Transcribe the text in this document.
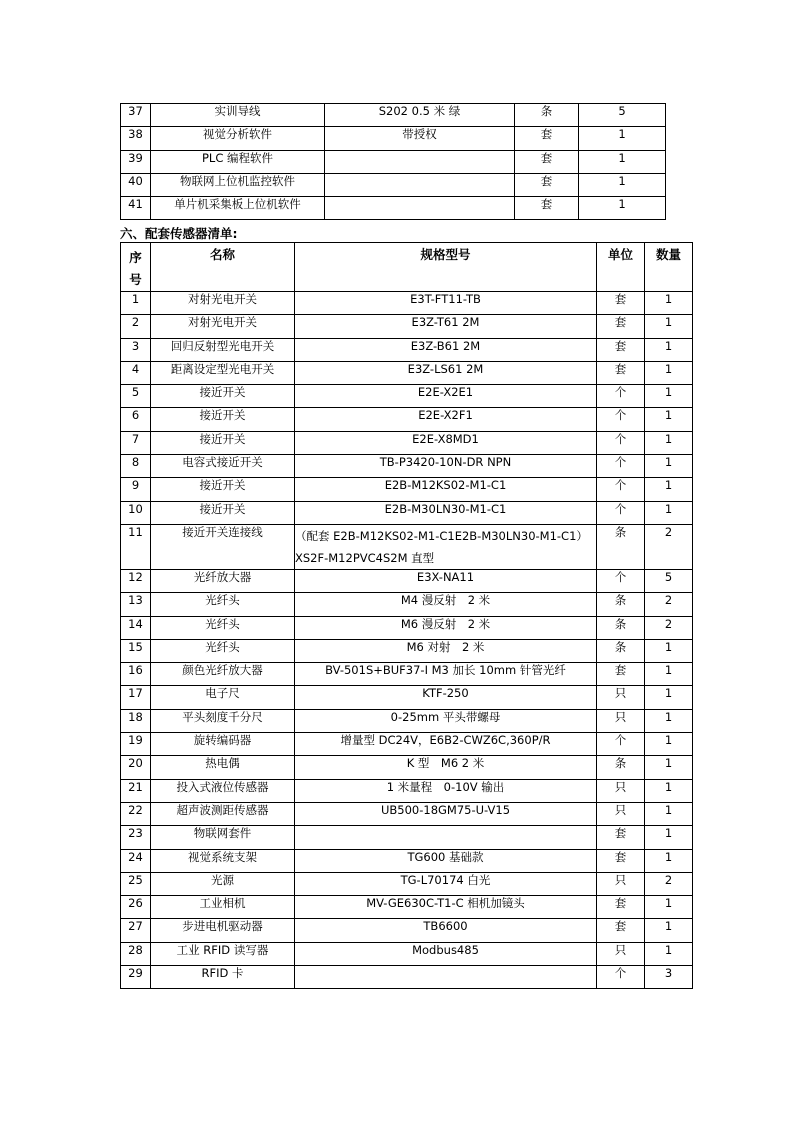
37	实训导线	S202 0.5 米 绿	条	5
38	视觉分析软件	带授权	套	1
39	PLC 编程软件		套	1
40	物联网上位机监控软件		套	1
41	单片机采集板上位机软件		套	1

六、配套传感器清单:

序号	名称	规格型号	单位	数量
1	对射光电开关	E3T-FT11-TB	套	1
2	对射光电开关	E3Z-T61 2M	套	1
3	回归反射型光电开关	E3Z-B61 2M	套	1
4	距离设定型光电开关	E3Z-LS61 2M	套	1
5	接近开关	E2E-X2E1	个	1
6	接近开关	E2E-X2F1	个	1
7	接近开关	E2E-X8MD1	个	1
8	电容式接近开关	TB-P3420-10N-DR NPN	个	1
9	接近开关	E2B-M12KS02-M1-C1	个	1
10	接近开关	E2B-M30LN30-M1-C1	个	1
11	接近开关连接线	（配套 E2B-M12KS02-M1-C1E2B-M30LN30-M1-C1）XS2F-M12PVC4S2M 直型	条	2
12	光纤放大器	E3X-NA11	个	5
13	光纤头	M4 漫反射　2 米	条	2
14	光纤头	M6 漫反射　2 米	条	2
15	光纤头	M6 对射　2 米	条	1
16	颜色光纤放大器	BV-501S+BUF37-I M3 加长 10mm 针管光纤	套	1
17	电子尺	KTF-250	只	1
18	平头刻度千分尺	0-25mm 平头带螺母	只	1
19	旋转编码器	增量型 DC24V，E6B2-CWZ6C,360P/R	个	1
20	热电偶	K 型　M6 2 米	条	1
21	投入式液位传感器	1 米量程　0-10V 输出	只	1
22	超声波测距传感器	UB500-18GM75-U-V15	只	1
23	物联网套件		套	1
24	视觉系统支架	TG600 基础款	套	1
25	光源	TG-L70174 白光	只	2
26	工业相机	MV-GE630C-T1-C 相机加镜头	套	1
27	步进电机驱动器	TB6600	套	1
28	工业 RFID 读写器	Modbus485	只	1
29	RFID 卡		个	3
